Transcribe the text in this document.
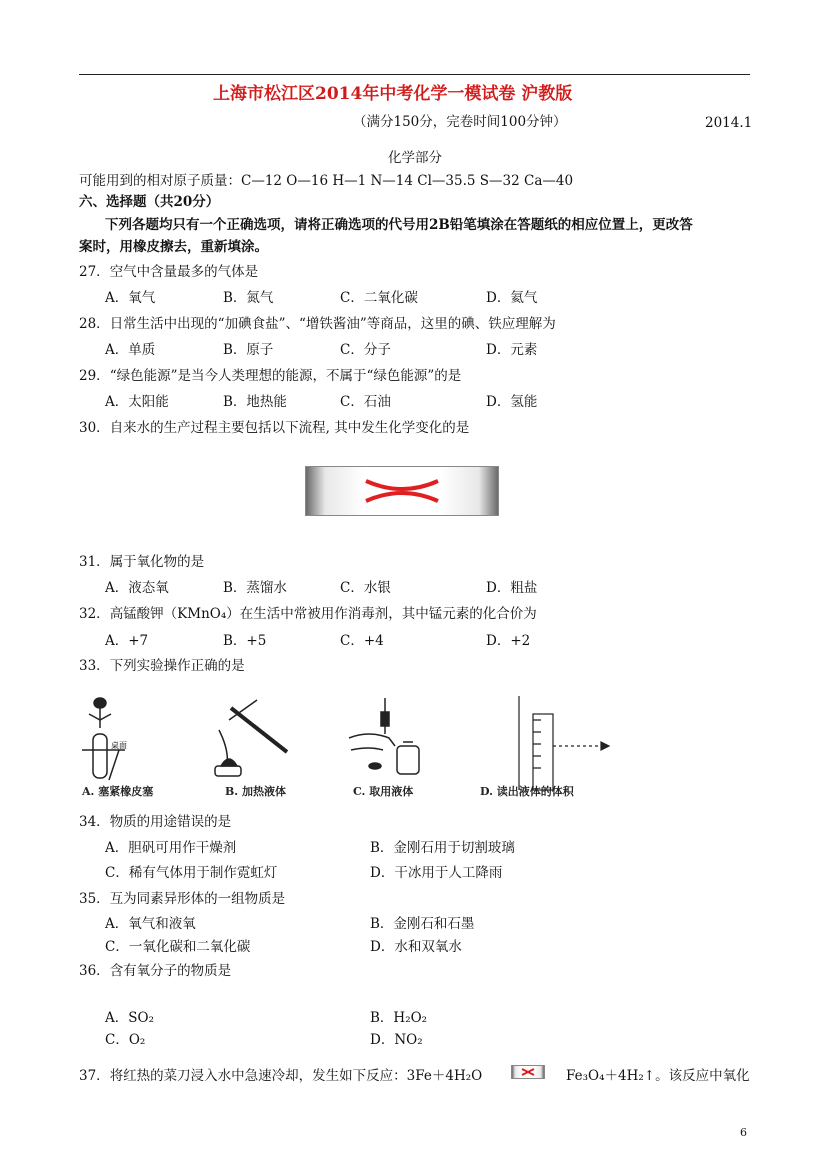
上海市松江区2014年中考化学一模试卷 沪教版
（满分150分，完卷时间100分钟）	2014.1
化学部分
可能用到的相对原子质量：C—12 O—16 H—1 N—14 Cl—35.5 S—32 Ca—40
六、选择题（共20分）
下列各题均只有一个正确选项，请将正确选项的代号用2B铅笔填涂在答题纸的相应位置上，更改答
案时，用橡皮擦去，重新填涂。
27．空气中含量最多的气体是
A．氧气	B．氮气	C．二氧化碳	D．氦气
28．日常生活中出现的“加碘食盐”、“增铁酱油”等商品，这里的碘、铁应理解为
A．单质	B．原子	C．分子	D．元素
29．“绿色能源”是当今人类理想的能源，不属于“绿色能源”的是
A．太阳能	B．地热能	C．石油	D．氢能
30．自来水的生产过程主要包括以下流程, 其中发生化学变化的是
31．属于氧化物的是
A．液态氧	B．蒸馏水	C．水银	D．粗盐
32．高锰酸钾（KMnO₄）在生活中常被用作消毒剂，其中锰元素的化合价为
A．+7	B．+5	C．+4	D．+2
33．下列实验操作正确的是
桌面
A. 塞紧橡皮塞	B. 加热液体	C. 取用液体	D. 读出液体的体积
34．物质的用途错误的是
A．胆矾可用作干燥剂	B．金刚石用于切割玻璃
C．稀有气体用于制作霓虹灯	D．干冰用于人工降雨
35．互为同素异形体的一组物质是
A．氧气和液氧	B．金刚石和石墨
C．一氧化碳和二氧化碳	D．水和双氧水
36．含有氧分子的物质是
A．SO₂	B．H₂O₂
C．O₂	D．NO₂
37．将红热的菜刀浸入水中急速冷却，发生如下反应：3Fe＋4H₂O	Fe₃O₄＋4H₂↑。该反应中氧化
6
